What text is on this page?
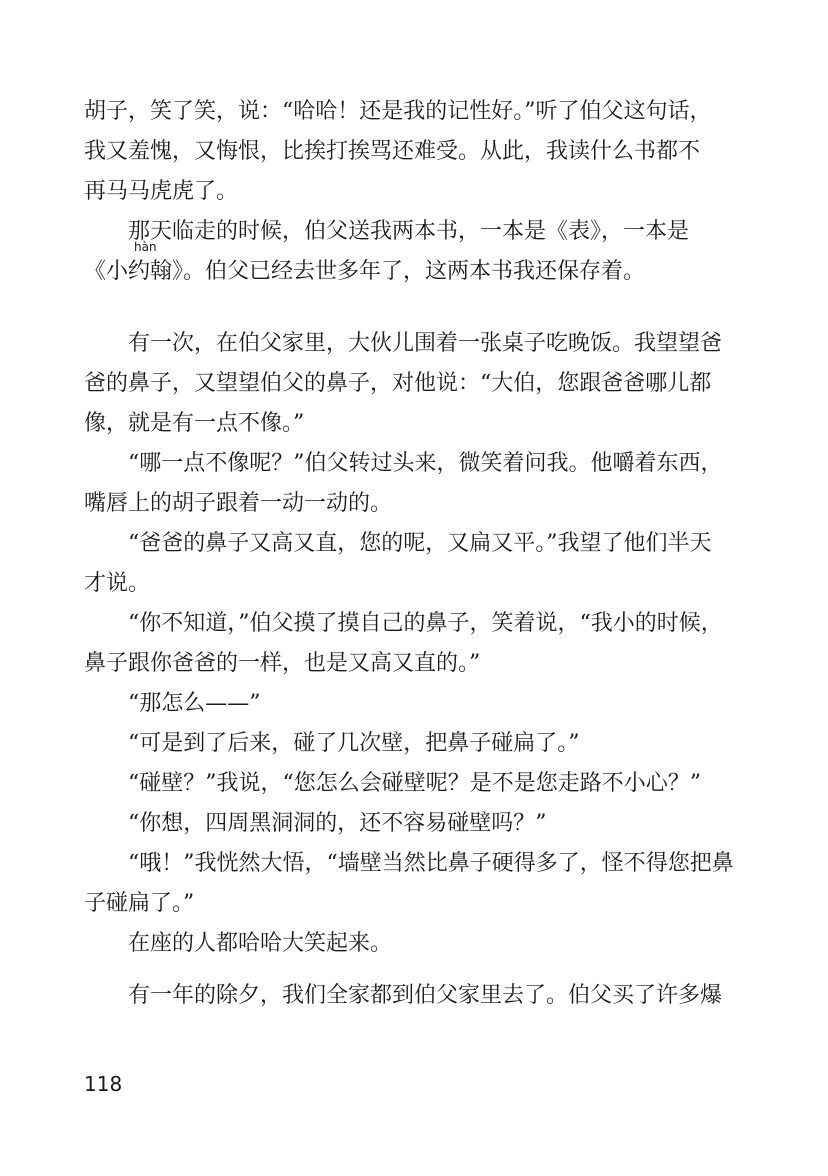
胡子，笑了笑，说：“哈哈！还是我的记性好。”听了伯父这句话，
我又羞愧，又悔恨，比挨打挨骂还难受。从此，我读什么书都不
再马马虎虎了。
　　那天临走的时候，伯父送我两本书，一本是《表》，一本是
hàn
《小约翰》。伯父已经去世多年了，这两本书我还保存着。
　　有一次，在伯父家里，大伙儿围着一张桌子吃晚饭。我望望爸
爸的鼻子，又望望伯父的鼻子，对他说：“大伯，您跟爸爸哪儿都
像，就是有一点不像。”
　　“哪一点不像呢？”伯父转过头来，微笑着问我。他嚼着东西，
嘴唇上的胡子跟着一动一动的。
　　“爸爸的鼻子又高又直，您的呢，又扁又平。”我望了他们半天
才说。
　　“你不知道，”伯父摸了摸自己的鼻子，笑着说，“我小的时候，
鼻子跟你爸爸的一样，也是又高又直的。”
　　“那怎么——”
　　“可是到了后来，碰了几次壁，把鼻子碰扁了。”
　　“碰壁？”我说，“您怎么会碰壁呢？是不是您走路不小心？”
　　“你想，四周黑洞洞的，还不容易碰壁吗？”
　　“哦！”我恍然大悟，“墙壁当然比鼻子硬得多了，怪不得您把鼻
子碰扁了。”
　　在座的人都哈哈大笑起来。
　　有一年的除夕，我们全家都到伯父家里去了。伯父买了许多爆
118
